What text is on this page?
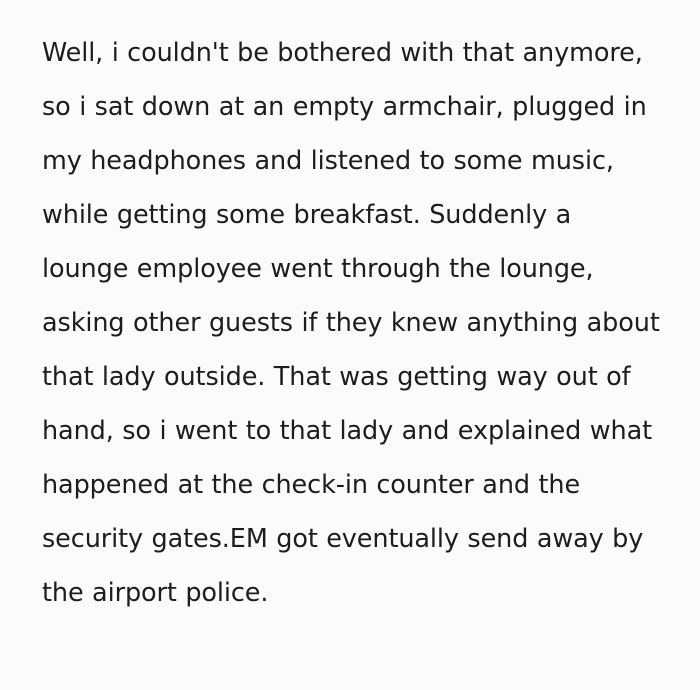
Well, i couldn't be bothered with that anymore, so i sat down at an empty armchair, plugged in my headphones and listened to some music, while getting some breakfast. Suddenly a lounge employee went through the lounge, asking other guests if they knew anything about that lady outside. That was getting way out of hand, so i went to that lady and explained what happened at the check-in counter and the security gates.EM got eventually send away by the airport police.
